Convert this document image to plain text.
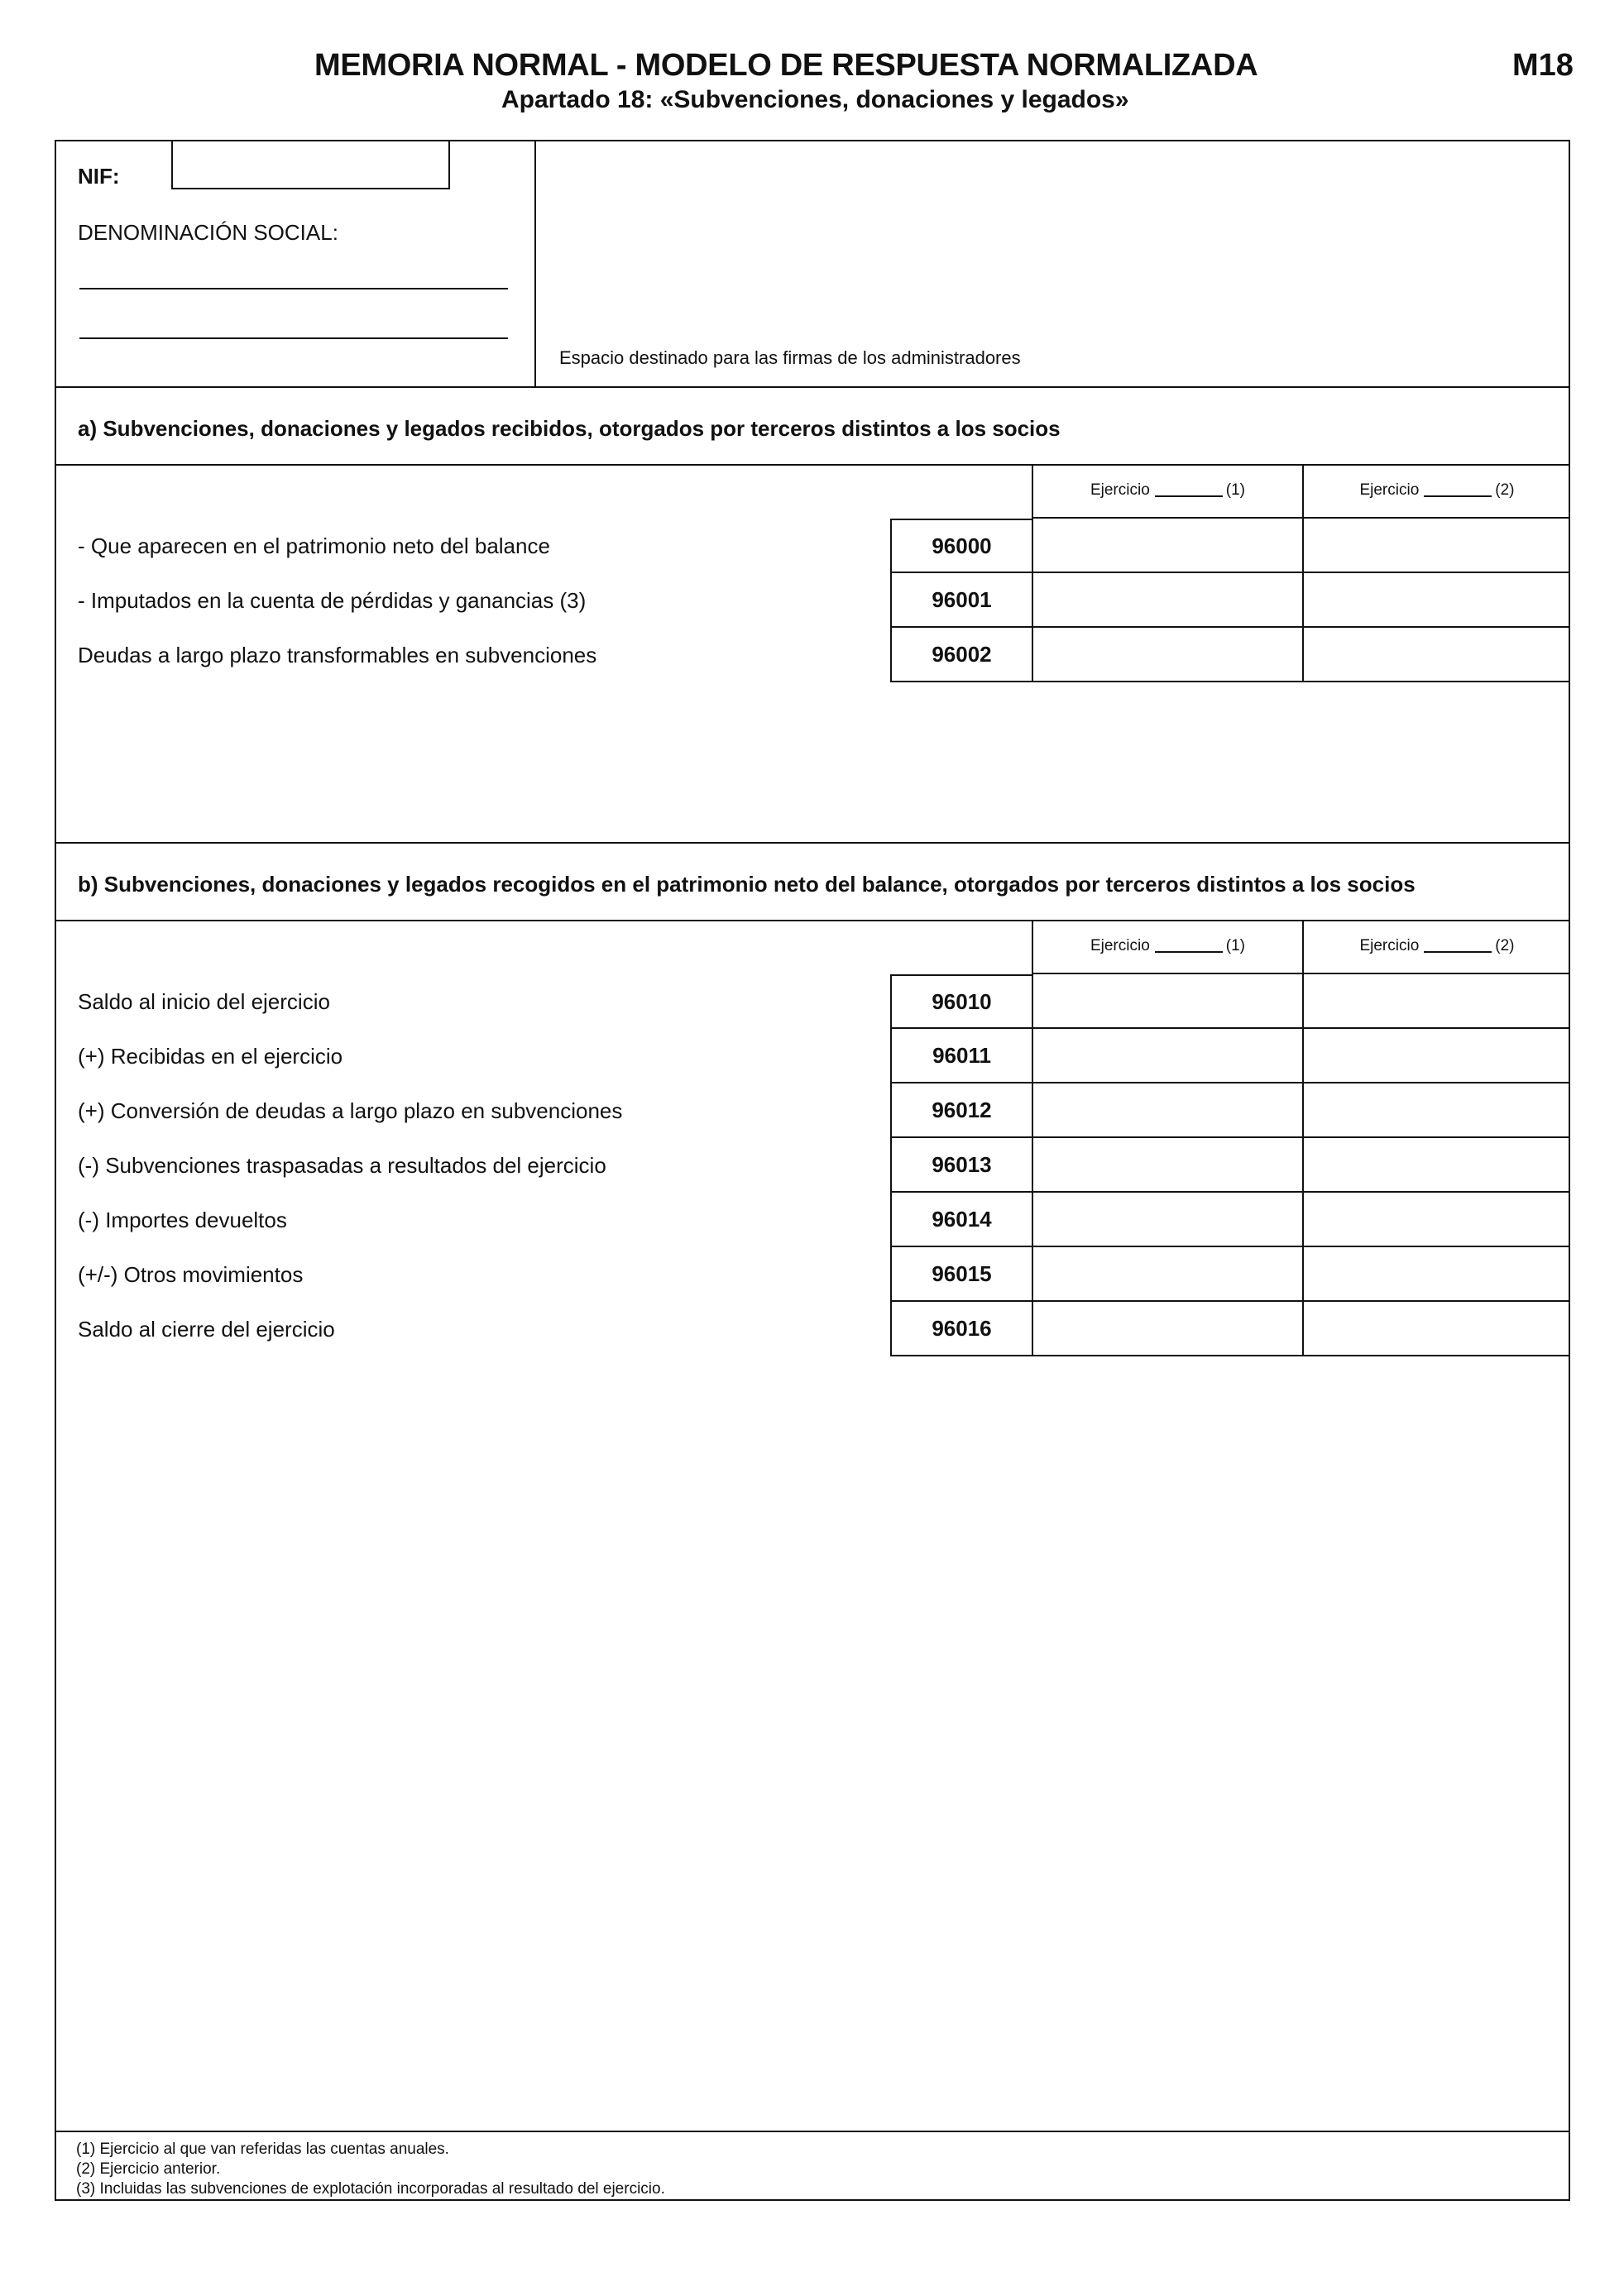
MEMORIA NORMAL - MODELO DE RESPUESTA NORMALIZADA
Apartado 18: «Subvenciones, donaciones y legados»
M18
NIF:
DENOMINACIÓN SOCIAL:
Espacio destinado para las firmas de los administradores
a) Subvenciones, donaciones y legados recibidos, otorgados por terceros distintos a los socios
Ejercicio	(1)	Ejercicio	(2)
- Que aparecen en el patrimonio neto del balance	96000
- Imputados en la cuenta de pérdidas y ganancias (3)	96001
Deudas a largo plazo transformables en subvenciones	96002
b) Subvenciones, donaciones y legados recogidos en el patrimonio neto del balance, otorgados por terceros distintos a los socios
Ejercicio	(1)	Ejercicio	(2)
Saldo al inicio del ejercicio	96010
(+) Recibidas en el ejercicio	96011
(+) Conversión de deudas a largo plazo en subvenciones	96012
(-) Subvenciones traspasadas a resultados del ejercicio	96013
(-) Importes devueltos	96014
(+/-) Otros movimientos	96015
Saldo al cierre del ejercicio	96016
(1) Ejercicio al que van referidas las cuentas anuales.
(2) Ejercicio anterior.
(3) Incluidas las subvenciones de explotación incorporadas al resultado del ejercicio.
